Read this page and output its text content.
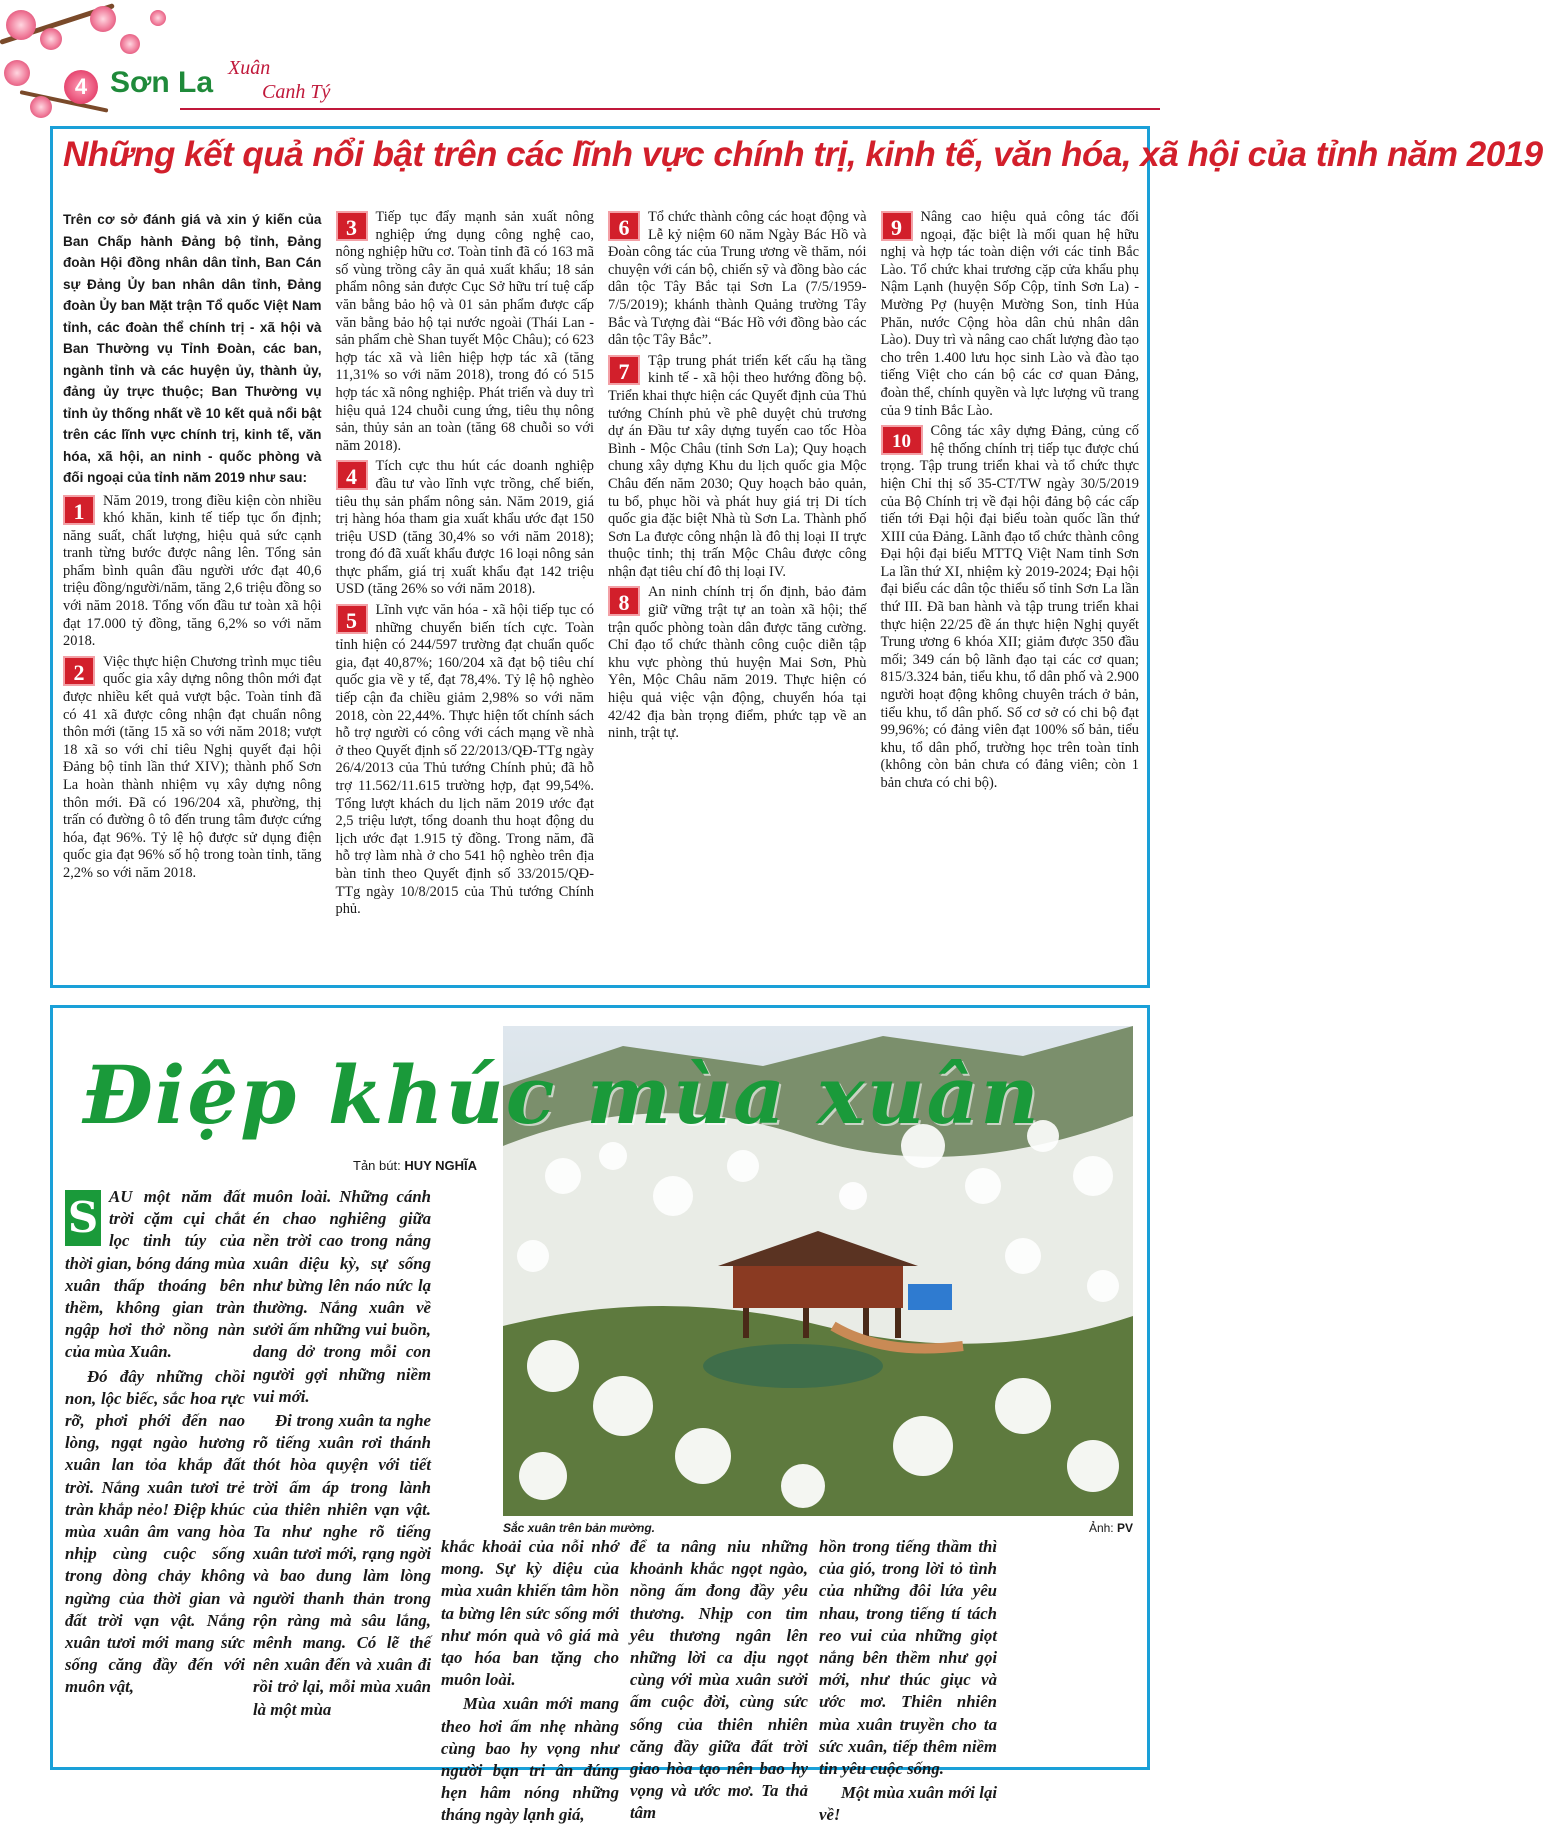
4 Sơn La Xuân
Canh Tý
Những kết quả nổi bật trên các lĩnh vực chính trị, kinh tế, văn hóa, xã hội của tỉnh năm 2019

Trên cơ sở đánh giá và xin ý kiến của Ban Chấp hành Đảng bộ tỉnh, Đảng đoàn Hội đồng nhân dân tỉnh, Ban Cán sự Đảng Ủy ban nhân dân tỉnh, Đảng đoàn Ủy ban Mặt trận Tổ quốc Việt Nam tỉnh, các đoàn thể chính trị - xã hội và Ban Thường vụ Tỉnh Đoàn, các ban, ngành tỉnh và các huyện ủy, thành ủy, đảng ủy trực thuộc; Ban Thường vụ tỉnh ủy thống nhất về 10 kết quả nổi bật trên các lĩnh vực chính trị, kinh tế, văn hóa, xã hội, an ninh - quốc phòng và đối ngoại của tỉnh năm 2019 như sau:

1	Năm 2019, trong điều kiện còn nhiều khó khăn, kinh tế tiếp tục ổn định; năng suất, chất lượng, hiệu quả sức cạnh tranh từng bước được nâng lên. Tổng sản phẩm bình quân đầu người ước đạt 40,6 triệu đồng/người/năm, tăng 2,6 triệu đồng so với năm 2018. Tổng vốn đầu tư toàn xã hội đạt 17.000 tỷ đồng, tăng 6,2% so với năm 2018.

2	Việc thực hiện Chương trình mục tiêu quốc gia xây dựng nông thôn mới đạt được nhiều kết quả vượt bậc. Toàn tỉnh đã có 41 xã được công nhận đạt chuẩn nông thôn mới (tăng 15 xã so với năm 2018; vượt 18 xã so với chỉ tiêu Nghị quyết đại hội Đảng bộ tỉnh lần thứ XIV); thành phố Sơn La hoàn thành nhiệm vụ xây dựng nông thôn mới. Đã có 196/204 xã, phường, thị trấn có đường ô tô đến trung tâm được cứng hóa, đạt 96%. Tỷ lệ hộ được sử dụng điện quốc gia đạt 96% số hộ trong toàn tỉnh, tăng 2,2% so với năm 2018.

3	Tiếp tục đẩy mạnh sản xuất nông nghiệp ứng dụng công nghệ cao, nông nghiệp hữu cơ. Toàn tỉnh đã có 163 mã số vùng trồng cây ăn quả xuất khẩu; 18 sản phẩm nông sản được Cục Sở hữu trí tuệ cấp văn bằng bảo hộ và 01 sản phẩm được cấp văn bằng bảo hộ tại nước ngoài (Thái Lan - sản phẩm chè Shan tuyết Mộc Châu); có 623 hợp tác xã và liên hiệp hợp tác xã (tăng 11,31% so với năm 2018), trong đó có 515 hợp tác xã nông nghiệp. Phát triển và duy trì hiệu quả 124 chuỗi cung ứng, tiêu thụ nông sản, thủy sản an toàn (tăng 68 chuỗi so với năm 2018).

4	Tích cực thu hút các doanh nghiệp đầu tư vào lĩnh vực trồng, chế biến, tiêu thụ sản phẩm nông sản. Năm 2019, giá trị hàng hóa tham gia xuất khẩu ước đạt 150 triệu USD (tăng 30,4% so với năm 2018); trong đó đã xuất khẩu được 16 loại nông sản thực phẩm, giá trị xuất khẩu đạt 142 triệu USD (tăng 26% so với năm 2018).

5	Lĩnh vực văn hóa - xã hội tiếp tục có những chuyển biến tích cực. Toàn tỉnh hiện có 244/597 trường đạt chuẩn quốc gia, đạt 40,87%; 160/204 xã đạt bộ tiêu chí quốc gia về y tế, đạt 78,4%. Tỷ lệ hộ nghèo tiếp cận đa chiều giảm 2,98% so với năm 2018, còn 22,44%. Thực hiện tốt chính sách hỗ trợ người có công với cách mạng về nhà ở theo Quyết định số 22/2013/QĐ-TTg ngày 26/4/2013 của Thủ tướng Chính phủ; đã hỗ trợ 11.562/11.615 trường hợp, đạt 99,54%. Tổng lượt khách du lịch năm 2019 ước đạt 2,5 triệu lượt, tổng doanh thu hoạt động du lịch ước đạt 1.915 tỷ đồng. Trong năm, đã hỗ trợ làm nhà ở cho 541 hộ nghèo trên địa bàn tỉnh theo Quyết định số 33/2015/QĐ-TTg ngày 10/8/2015 của Thủ tướng Chính phủ.

6	Tổ chức thành công các hoạt động và Lễ kỷ niệm 60 năm Ngày Bác Hồ và Đoàn công tác của Trung ương về thăm, nói chuyện với cán bộ, chiến sỹ và đồng bào các dân tộc Tây Bắc tại Sơn La (7/5/1959-7/5/2019); khánh thành Quảng trường Tây Bắc và Tượng đài “Bác Hồ với đồng bào các dân tộc Tây Bắc”.

7	Tập trung phát triển kết cấu hạ tầng kinh tế - xã hội theo hướng đồng bộ. Triển khai thực hiện các Quyết định của Thủ tướng Chính phủ về phê duyệt chủ trương dự án Đầu tư xây dựng tuyến cao tốc Hòa Bình - Mộc Châu (tỉnh Sơn La); Quy hoạch chung xây dựng Khu du lịch quốc gia Mộc Châu đến năm 2030; Quy hoạch bảo quản, tu bổ, phục hồi và phát huy giá trị Di tích quốc gia đặc biệt Nhà tù Sơn La. Thành phố Sơn La được công nhận là đô thị loại II trực thuộc tỉnh; thị trấn Mộc Châu được công nhận đạt tiêu chí đô thị loại IV.

8	An ninh chính trị ổn định, bảo đảm giữ vững trật tự an toàn xã hội; thế trận quốc phòng toàn dân được tăng cường. Chỉ đạo tổ chức thành công cuộc diễn tập khu vực phòng thủ huyện Mai Sơn, Phù Yên, Mộc Châu năm 2019. Thực hiện có hiệu quả việc vận động, chuyển hóa tại 42/42 địa bàn trọng điểm, phức tạp về an ninh, trật tự.

9	Nâng cao hiệu quả công tác đối ngoại, đặc biệt là mối quan hệ hữu nghị và hợp tác toàn diện với các tỉnh Bắc Lào. Tổ chức khai trương cặp cửa khẩu phụ Nậm Lạnh (huyện Sốp Cộp, tỉnh Sơn La) - Mường Pợ (huyện Mường Son, tỉnh Hủa Phăn, nước Cộng hòa dân chủ nhân dân Lào). Duy trì và nâng cao chất lượng đào tạo cho trên 1.400 lưu học sinh Lào và đào tạo tiếng Việt cho cán bộ các cơ quan Đảng, đoàn thể, chính quyền và lực lượng vũ trang của 9 tỉnh Bắc Lào.

10	Công tác xây dựng Đảng, củng cố hệ thống chính trị tiếp tục được chú trọng. Tập trung triển khai và tổ chức thực hiện Chỉ thị số 35-CT/TW ngày 30/5/2019 của Bộ Chính trị về đại hội đảng bộ các cấp tiến tới Đại hội đại biểu toàn quốc lần thứ XIII của Đảng. Lãnh đạo tổ chức thành công Đại hội đại biểu MTTQ Việt Nam tỉnh Sơn La lần thứ XI, nhiệm kỳ 2019-2024; Đại hội đại biểu các dân tộc thiểu số tỉnh Sơn La lần thứ III. Đã ban hành và tập trung triển khai thực hiện 22/25 đề án thực hiện Nghị quyết Trung ương 6 khóa XII; giảm được 350 đầu mối; 349 cán bộ lãnh đạo tại các cơ quan; 815/3.324 bản, tiểu khu, tổ dân phố và 2.900 người hoạt động không chuyên trách ở bản, tiểu khu, tổ dân phố. Số cơ sở có chi bộ đạt 99,96%; có đảng viên đạt 100% số bản, tiểu khu, tổ dân phố, trường học trên toàn tỉnh (không còn bản chưa có đảng viên; còn 1 bản chưa có chi bộ).

Điệp khúc mùa xuân
Tản bút: HUY NGHĨA
Sắc xuân trên bản mường.	Ảnh: PV

S AU một năm đất trời cặm cụi chắt lọc tinh túy của thời gian, bóng dáng mùa xuân thấp thoáng bên thềm, không gian tràn ngập hơi thở nồng nàn của mùa Xuân.

Đó đây những chồi non, lộc biếc, sắc hoa rực rỡ, phơi phới đến nao lòng, ngạt ngào hương xuân lan tỏa khắp đất trời. Nắng xuân tươi trẻ tràn khắp nẻo! Điệp khúc mùa xuân âm vang hòa nhịp cùng cuộc sống trong dòng chảy không ngừng của thời gian và đất trời vạn vật. Nắng xuân tươi mới mang sức sống căng đầy đến với muôn vật,

muôn loài. Những cánh én chao nghiêng giữa nền trời cao trong nắng xuân diệu kỳ, sự sống như bừng lên náo nức lạ thường. Nắng xuân về sưởi ấm những vui buồn, dang dở trong mỗi con người gợi những niềm vui mới.

Đi trong xuân ta nghe rõ tiếng xuân rơi thánh thót hòa quyện với tiết trời ấm áp trong lành của thiên nhiên vạn vật. Ta như nghe rõ tiếng xuân tươi mới, rạng ngời và bao dung làm lòng người thanh thản trong rộn ràng mà sâu lắng, mênh mang. Có lẽ thế nên xuân đến và xuân đi rồi trở lại, mỗi mùa xuân là một mùa

khắc khoải của nỗi nhớ mong. Sự kỳ diệu của mùa xuân khiến tâm hồn ta bừng lên sức sống mới như món quà vô giá mà tạo hóa ban tặng cho muôn loài.

Mùa xuân mới mang theo hơi ấm nhẹ nhàng cùng bao hy vọng như người bạn tri ân đúng hẹn hâm nóng những tháng ngày lạnh giá,

để ta nâng niu những khoảnh khắc ngọt ngào, nồng ấm đong đầy yêu thương. Nhịp con tim yêu thương ngân lên những lời ca dịu ngọt cùng với mùa xuân sưởi ấm cuộc đời, cùng sức sống của thiên nhiên căng đầy giữa đất trời giao hòa tạo nên bao hy vọng và ước mơ. Ta thả tâm

hồn trong tiếng thầm thì của gió, trong lời tỏ tình của những đôi lứa yêu nhau, trong tiếng tí tách reo vui của những giọt nắng bên thềm như gọi mới, như thúc giục và ước mơ. Thiên nhiên mùa xuân truyền cho ta sức xuân, tiếp thêm niềm tin yêu cuộc sống.

Một mùa xuân mới lại về!
